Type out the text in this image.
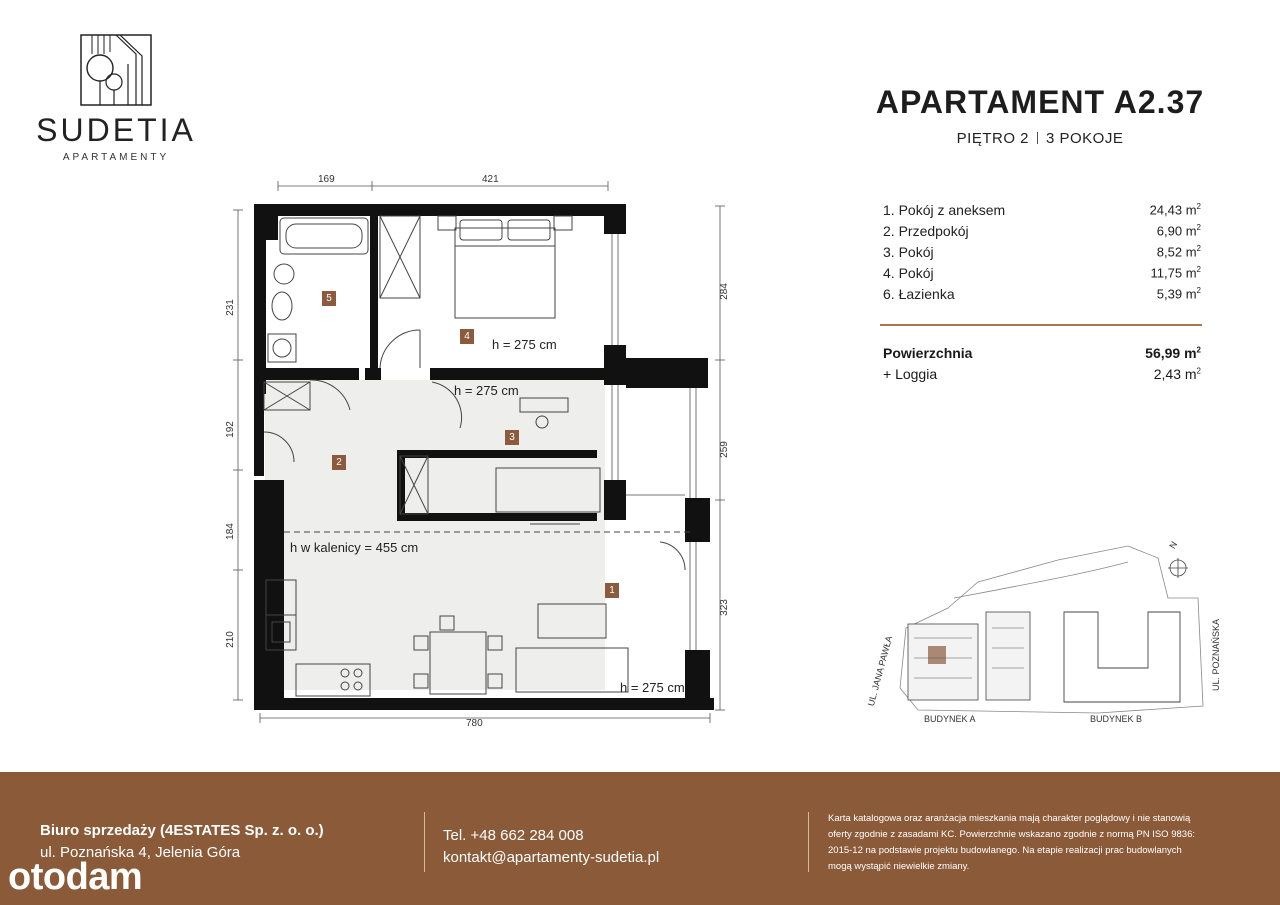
SUDETIA
APARTAMENTY
APARTAMENT A2.37
PIĘTRO 2 3 POKOJE
1. Pokój z aneksem	24,43 $m^2$
2. Przedpokój	6,90 $m^2$
3. Pokój	8,52 $m^2$
4. Pokój	11,75 $m^2$
6. Łazienka	5,39 $m^2$
Powierzchnia	56,99 $m^2$
+ Loggia	2,43 $m^2$
169	421
231
192
184
210
284
259
323
780
1
2
3
4
5
h = 275 cm
h = 275 cm
h w kalenicy = 455 cm
h = 275 cm
N
UL. JANA PAWŁA	UL. POZNAŃSKA
BUDYNEK A	BUDYNEK B
Biuro sprzedaży (4ESTATES Sp. z. o. o.)
ul. Poznańska 4, Jelenia Góra
Tel. +48 662 284 008
kontakt@apartamenty-sudetia.pl
Karta katalogowa oraz aranżacja mieszkania mają charakter poglądowy i nie stanowią oferty zgodnie z zasadami KC. Powierzchnie wskazano zgodnie z normą PN ISO 9836: 2015-12 na podstawie projektu budowlanego. Na etapie realizacji prac budowlanych mogą wystąpić niewielkie zmiany.
otodam
